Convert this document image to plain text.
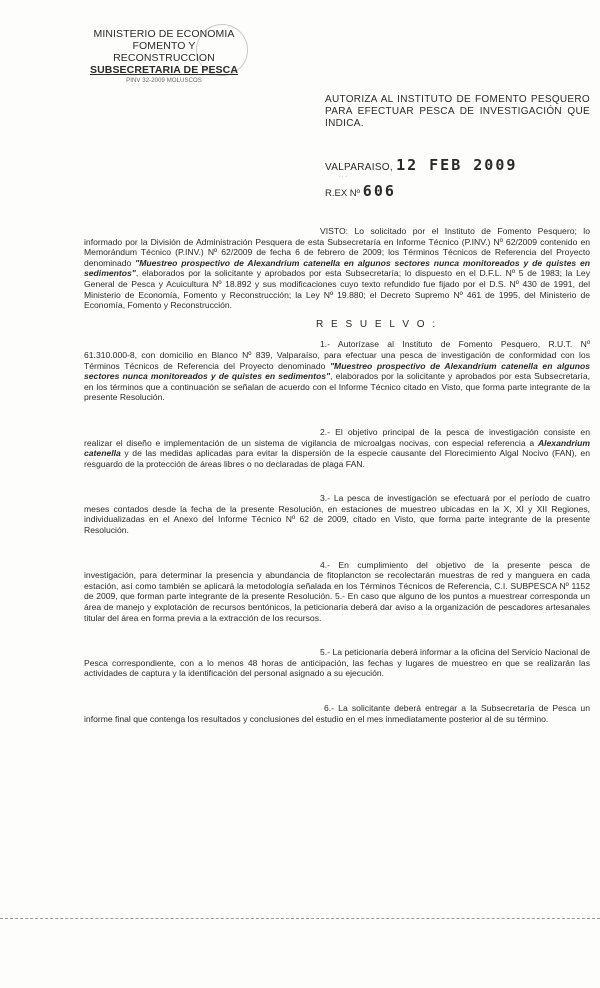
MINISTERIO DE ECONOMIA
FOMENTO Y RECONSTRUCCION
SUBSECRETARIA DE PESCA
PINV 32-2009 MOLUSCOS
AUTORIZA AL INSTITUTO DE FOMENTO PESQUERO PARA EFECTUAR PESCA DE INVESTIGACIÓN QUE INDICA.
VALPARAISO, 12 FEB 2009
· · ·
R.EX Nº 606

VISTO: Lo solicitado por el Instituto de Fomento Pesquero; lo informado por la División de Administración Pesquera de esta Subsecretaría en Informe Técnico (P.INV.) Nº 62/2009 contenido en Memorándum Técnico (P.INV.) Nº 62/2009 de fecha 6 de febrero de 2009; los Términos Técnicos de Referencia del Proyecto denominado "Muestreo prospectivo de Alexandrium catenella en algunos sectores nunca monitoreados y de quistes en sedimentos", elaborados por la solicitante y aprobados por esta Subsecretaría; lo dispuesto en el D.F.L. Nº 5 de 1983; la Ley General de Pesca y Acuicultura Nº 18.892 y sus modificaciones cuyo texto refundido fue fijado por el D.S. Nº 430 de 1991, del Ministerio de Economía, Fomento y Reconstrucción; la Ley Nº 19.880; el Decreto Supremo Nº 461 de 1995, del Ministerio de Economía, Fomento y Reconstrucción.

R E S U E L V O :

1.- Autorízase al Instituto de Fomento Pesquero, R.U.T. Nº 61.310.000-8, con domicilio en Blanco Nº 839, Valparaíso, para efectuar una pesca de investigación de conformidad con los Términos Técnicos de Referencia del Proyecto denominado "Muestreo prospectivo de Alexandrium catenella en algunos sectores nunca monitoreados y de quistes en sedimentos", elaborados por la solicitante y aprobados por esta Subsecretaría, en los términos que a continuación se señalan de acuerdo con el Informe Técnico citado en Visto, que forma parte integrante de la presente Resolución.

2.- El objetivo principal de la pesca de investigación consiste en realizar el diseño e implementación de un sistema de vigilancia de microalgas nocivas, con especial referencia a Alexandrium catenella y de las medidas aplicadas para evitar la dispersión de la especie causante del Florecimiento Algal Nocivo (FAN), en resguardo de la protección de áreas libres o no declaradas de plaga FAN.

3.- La pesca de investigación se efectuará por el período de cuatro meses contados desde la fecha de la presente Resolución, en estaciones de muestreo ubicadas en la X, XI y XII Regiones, individualizadas en el Anexo del Informe Técnico Nº 62 de 2009, citado en Visto, que forma parte integrante de la presente Resolución.

4.- En cumplimiento del objetivo de la presente pesca de investigación, para determinar la presencia y abundancia de fitoplancton se recolectarán muestras de red y manguera en cada estación, así como también se aplicará la metodología señalada en los Términos Técnicos de Referencia, C.I. SUBPESCA Nº 1152 de 2009, que forman parte integrante de la presente Resolución. 5.- En caso que alguno de los puntos a muestrear corresponda un área de manejo y explotación de recursos bentónicos, la peticionaria deberá dar aviso a la organización de pescadores artesanales titular del área en forma previa a la extracción de los recursos.

5.- La peticionaria deberá informar a la oficina del Servicio Nacional de Pesca correspondiente, con a lo menos 48 horas de anticipación, las fechas y lugares de muestreo en que se realizarán las actividades de captura y la identificación del personal asignado a su ejecución.

6.- La solicitante deberá entregar a la Subsecretaría de Pesca un informe final que contenga los resultados y conclusiones del estudio en el mes inmediatamente posterior al de su término.
